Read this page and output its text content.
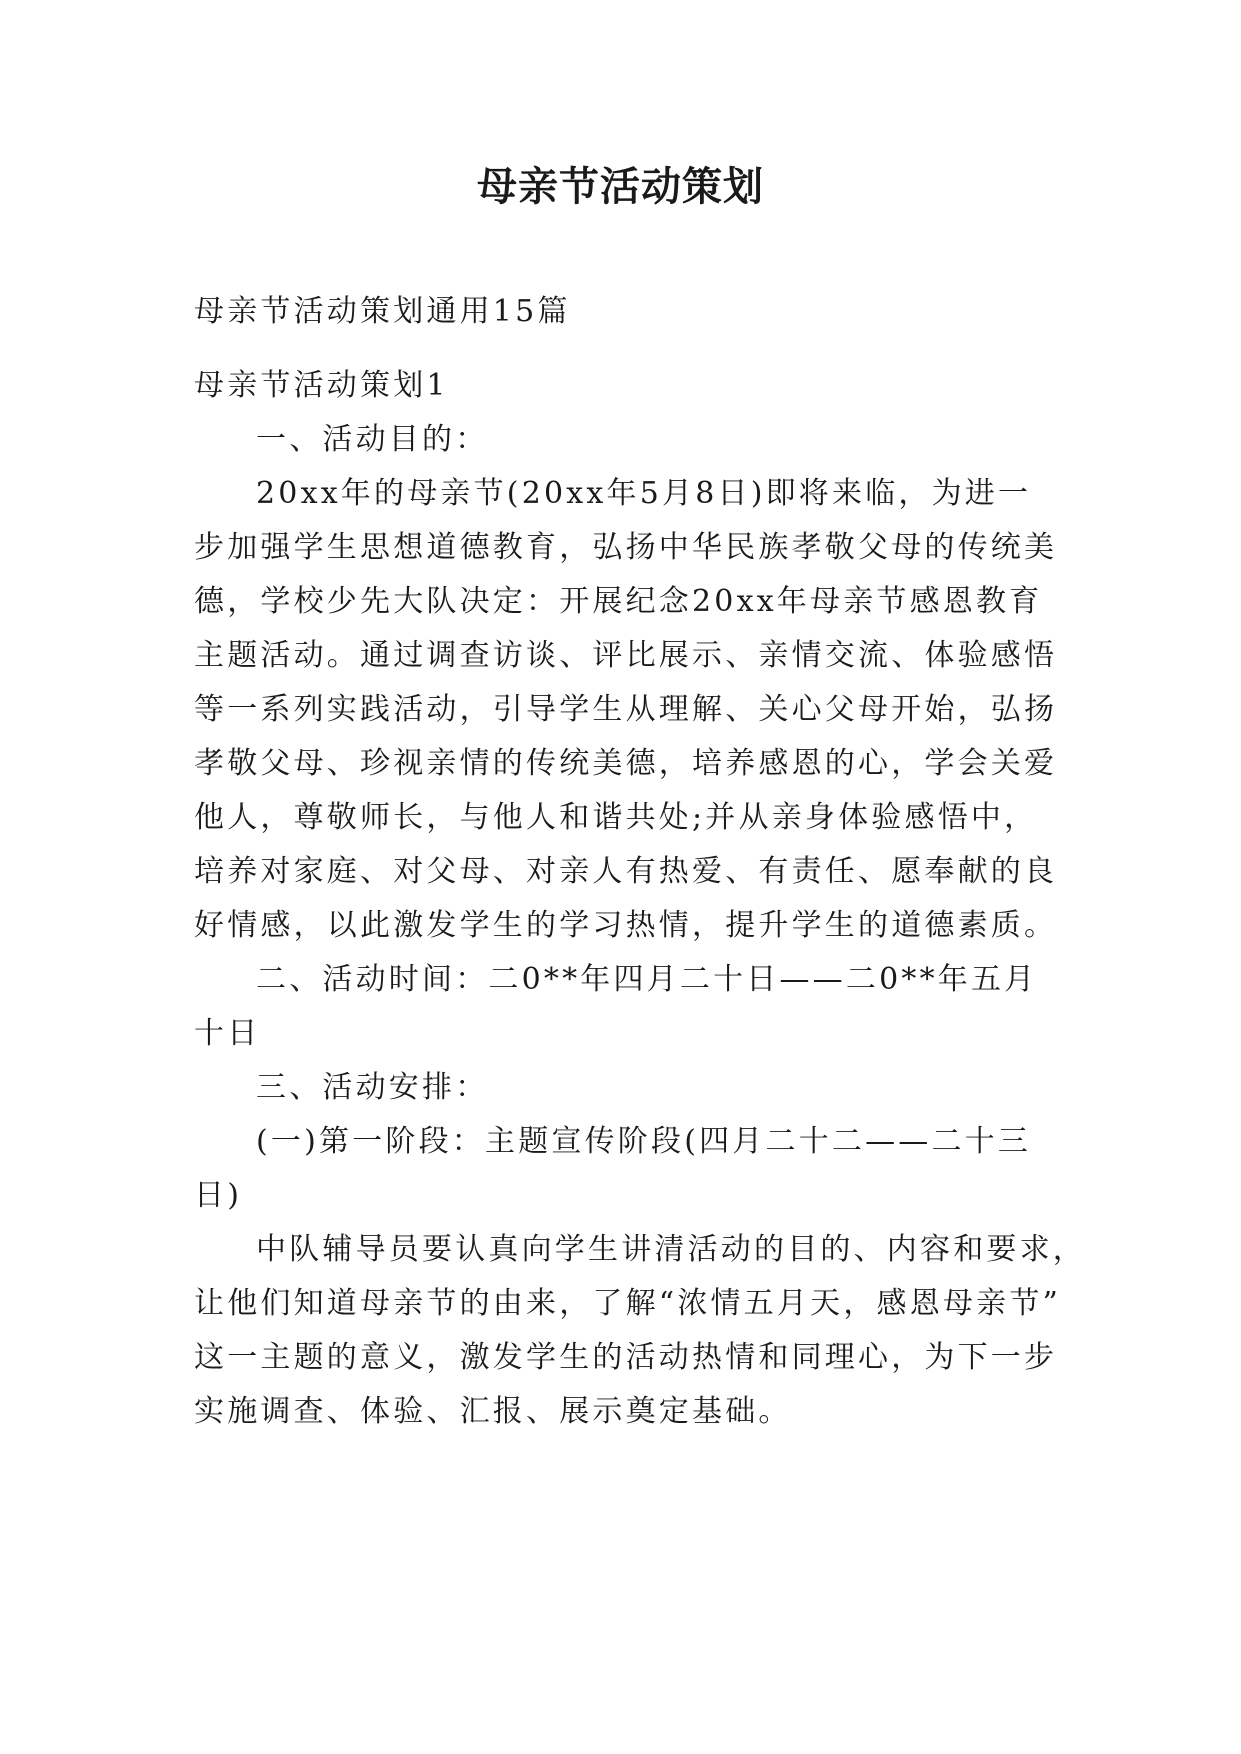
母亲节活动策划
母亲节活动策划通用15篇
母亲节活动策划1
一、活动目的：
20xx年的母亲节(20xx年5月8日)即将来临，为进一
步加强学生思想道德教育，弘扬中华民族孝敬父母的传统美
德，学校少先大队决定：开展纪念20xx年母亲节感恩教育
主题活动。通过调查访谈、评比展示、亲情交流、体验感悟
等一系列实践活动，引导学生从理解、关心父母开始，弘扬
孝敬父母、珍视亲情的传统美德，培养感恩的心，学会关爱
他人，尊敬师长，与他人和谐共处;并从亲身体验感悟中，
培养对家庭、对父母、对亲人有热爱、有责任、愿奉献的良
好情感，以此激发学生的学习热情，提升学生的道德素质。
二、活动时间：二0**年四月二十日——二0**年五月
十日
三、活动安排：
(一)第一阶段：主题宣传阶段(四月二十二——二十三
日)
中队辅导员要认真向学生讲清活动的目的、内容和要求，
让他们知道母亲节的由来，了解“浓情五月天，感恩母亲节”
这一主题的意义，激发学生的活动热情和同理心，为下一步
实施调查、体验、汇报、展示奠定基础。
